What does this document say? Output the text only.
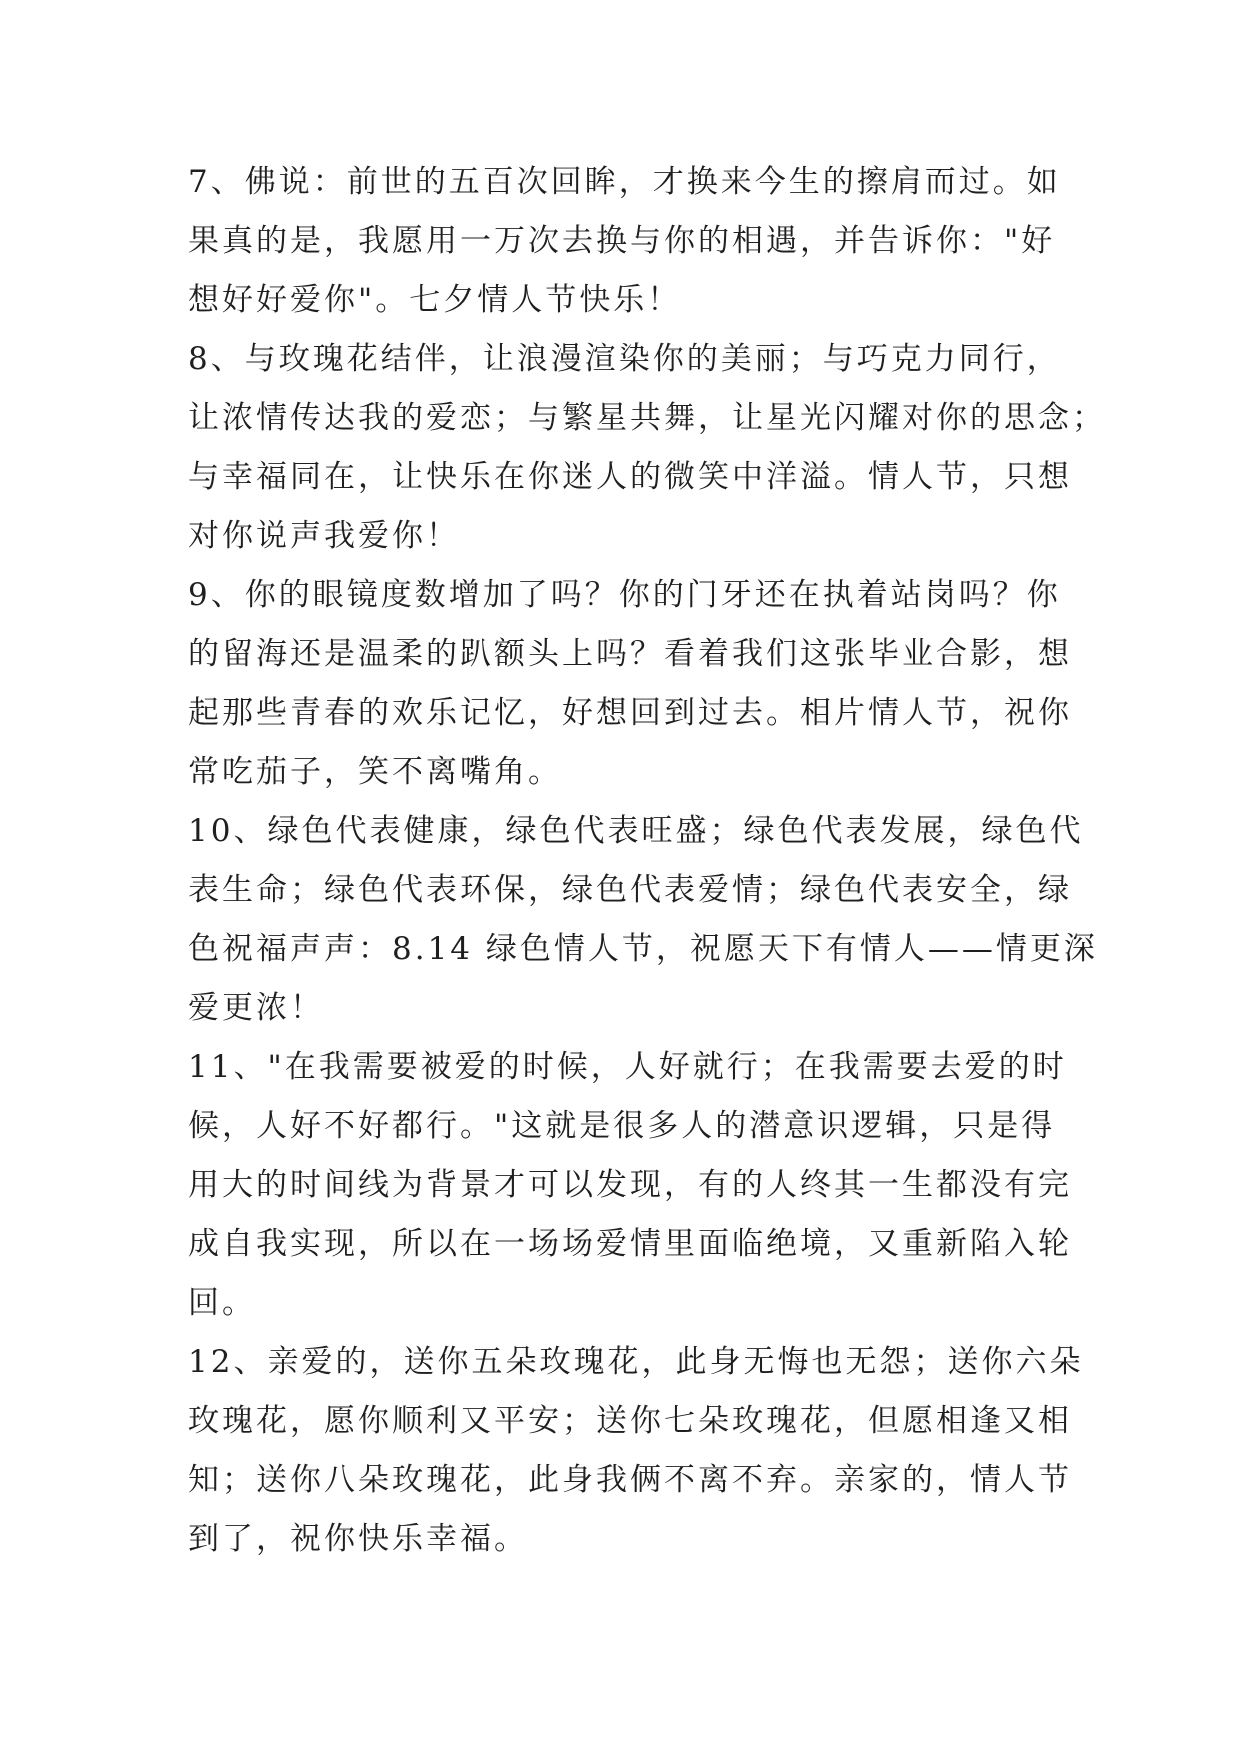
7、佛说：前世的五百次回眸，才换来今生的擦肩而过。如
果真的是，我愿用一万次去换与你的相遇，并告诉你："好
想好好爱你"。七夕情人节快乐！

8、与玫瑰花结伴，让浪漫渲染你的美丽；与巧克力同行，
让浓情传达我的爱恋；与繁星共舞，让星光闪耀对你的思念；
与幸福同在，让快乐在你迷人的微笑中洋溢。情人节，只想
对你说声我爱你！

9、你的眼镜度数增加了吗？你的门牙还在执着站岗吗？你
的留海还是温柔的趴额头上吗？看着我们这张毕业合影，想
起那些青春的欢乐记忆，好想回到过去。相片情人节，祝你
常吃茄子，笑不离嘴角。

10、绿色代表健康，绿色代表旺盛；绿色代表发展，绿色代
表生命；绿色代表环保，绿色代表爱情；绿色代表安全，绿
色祝福声声：8.14 绿色情人节，祝愿天下有情人——情更深
爱更浓！

11、"在我需要被爱的时候，人好就行；在我需要去爱的时
候，人好不好都行。"这就是很多人的潜意识逻辑，只是得
用大的时间线为背景才可以发现，有的人终其一生都没有完
成自我实现，所以在一场场爱情里面临绝境，又重新陷入轮
回。

12、亲爱的，送你五朵玫瑰花，此身无悔也无怨；送你六朵
玫瑰花，愿你顺利又平安；送你七朵玫瑰花，但愿相逢又相
知；送你八朵玫瑰花，此身我俩不离不弃。亲家的，情人节
到了，祝你快乐幸福。
